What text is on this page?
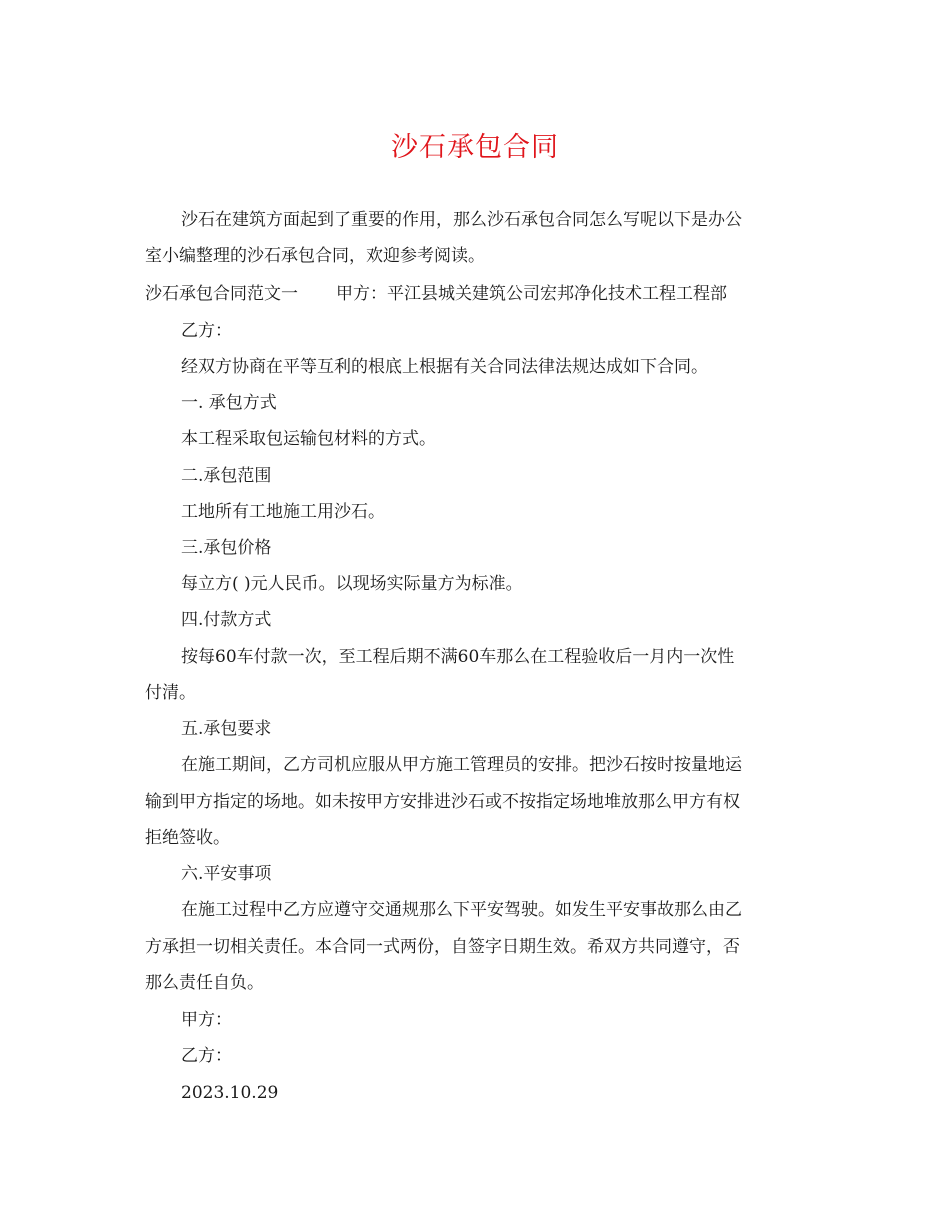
沙石承包合同
沙石在建筑方面起到了重要的作用，那么沙石承包合同怎么写呢以下是办公
室小编整理的沙石承包合同，欢迎参考阅读。
沙石承包合同范文一 甲方：平江县城关建筑公司宏邦净化技术工程工程部
乙方：
经双方协商在平等互利的根底上根据有关合同法律法规达成如下合同。
一. 承包方式
本工程采取包运输包材料的方式。
二.承包范围
工地所有工地施工用沙石。
三.承包价格
每立方( )元人民币。以现场实际量方为标准。
四.付款方式
按每60车付款一次，至工程后期不满60车那么在工程验收后一月内一次性
付清。
五.承包要求
在施工期间，乙方司机应服从甲方施工管理员的安排。把沙石按时按量地运
输到甲方指定的场地。如未按甲方安排进沙石或不按指定场地堆放那么甲方有权
拒绝签收。
六.平安事项
在施工过程中乙方应遵守交通规那么下平安驾驶。如发生平安事故那么由乙
方承担一切相关责任。本合同一式两份，自签字日期生效。希双方共同遵守，否
那么责任自负。
甲方：
乙方：
2023.10.29
